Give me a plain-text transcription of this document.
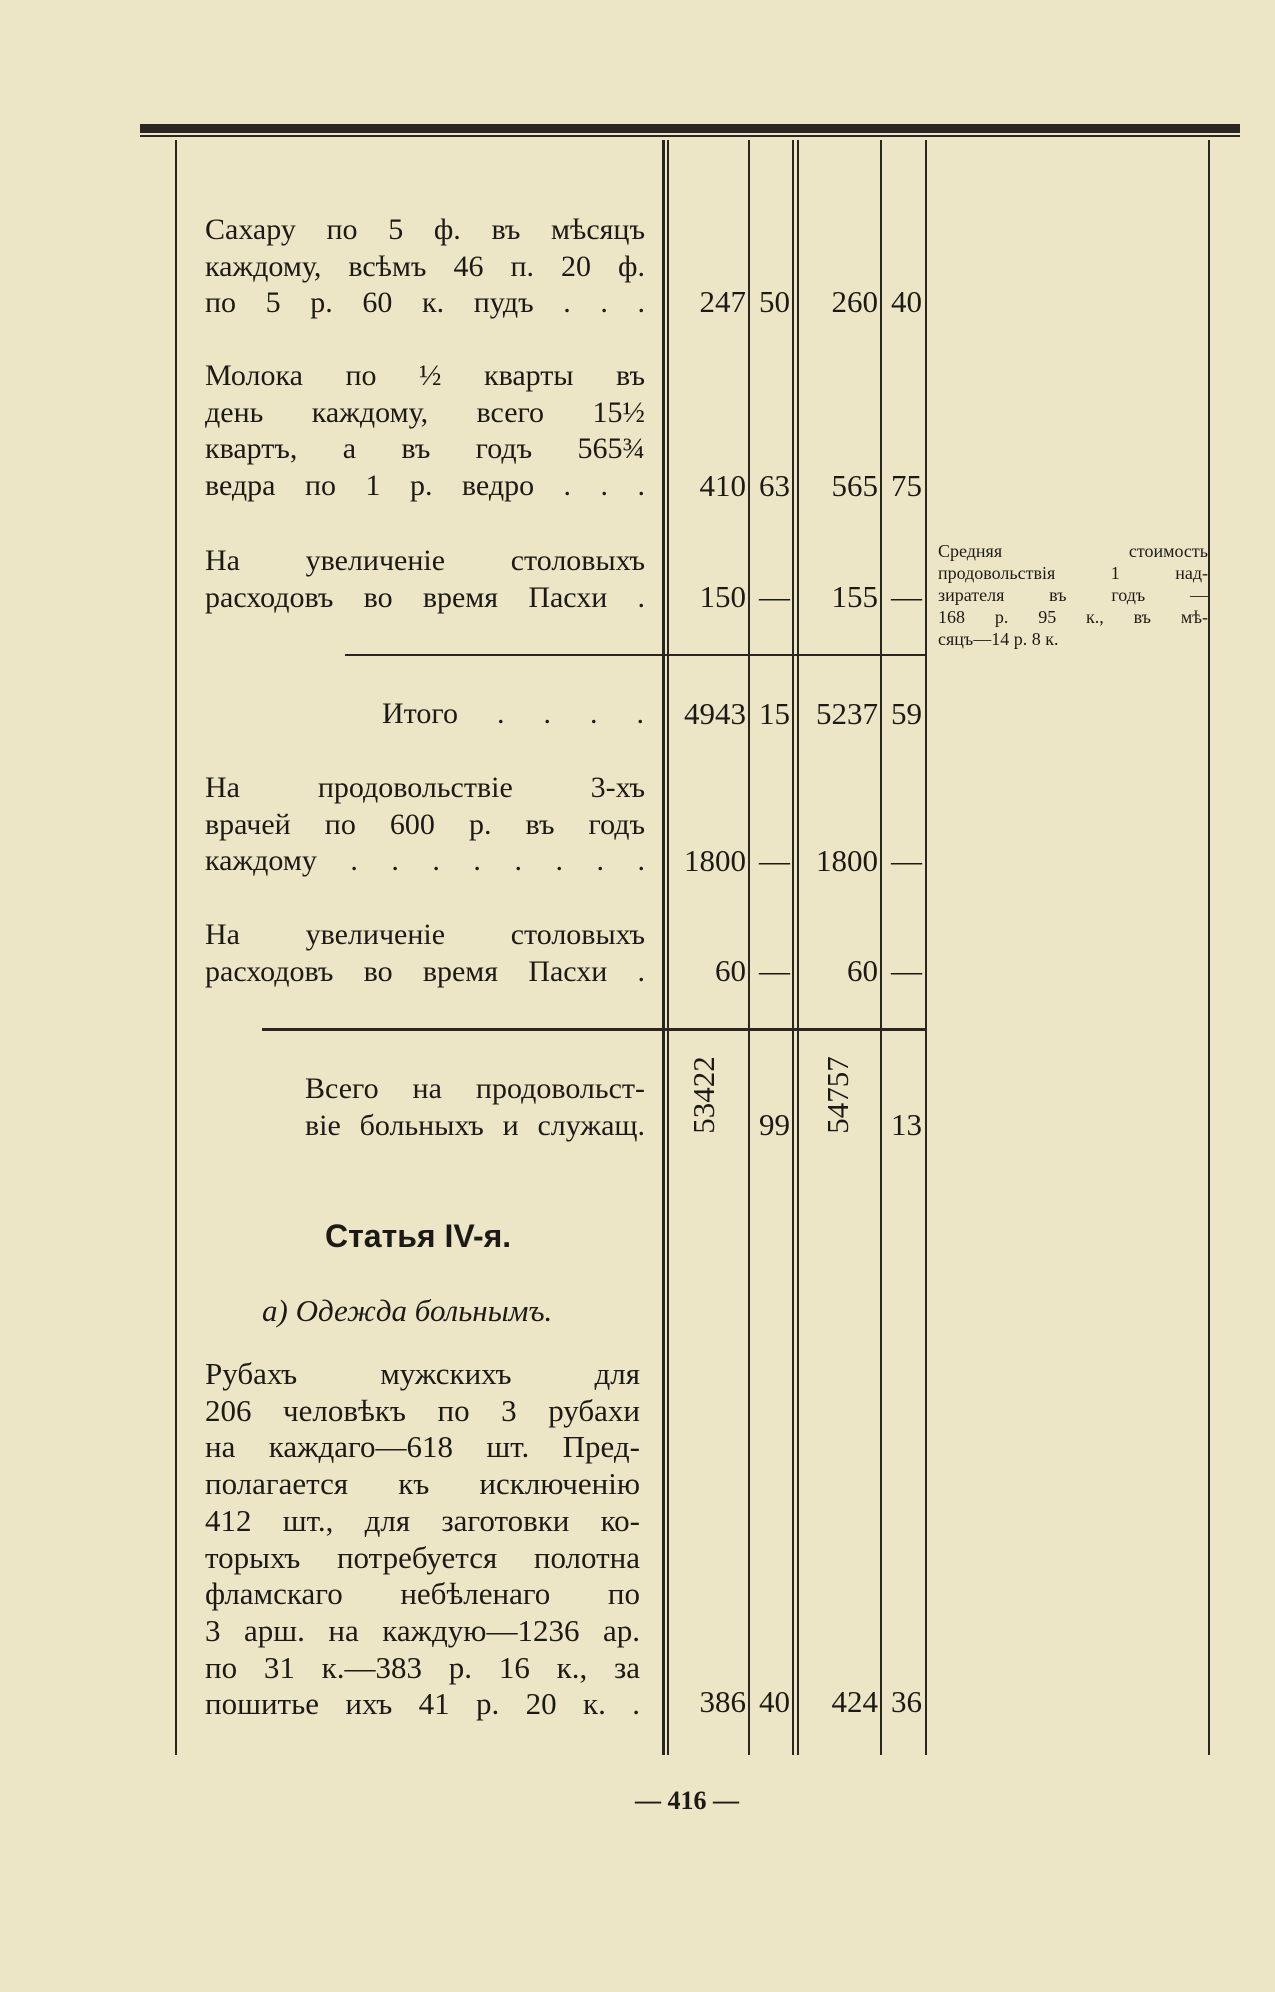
Сахару по 5 ф. въ мѣсяцъ
каждому, всѣмъ 46 п. 20 ф.
по 5 р. 60 к. пудъ . . .	247 50	260 40
Молока по ½ кварты въ
день каждому, всего 15½
квартъ, а въ годъ 565¾
ведра по 1 р. ведро . . .	410 63	565 75
На увеличеніе столовыхъ
расходовъ во время Пасхи .	150 —	155 —
Средняя стоимость
продовольствія 1 над-
зирателя въ годъ —
168 р. 95 к., въ мѣ-
сяцъ—14 р. 8 к.
Итого . . . .	4943 15 5237 59
На продовольствіе 3-хъ
врачей по 600 р. въ годъ
каждому . . . . . . . .	1800 — 1800 —
На увеличеніе столовыхъ
расходовъ во время Пасхи .	60 —	60 —
Всего на продовольст-
віе больныхъ и служащ. 53422 99 54757 13
Статья IV-я.
а) Одежда больнымъ.
Рубахъ мужскихъ для
206 человѣкъ по 3 рубахи
на каждаго—618 шт. Пред-
полагается къ исключенію
412 шт., для заготовки ко-
торыхъ потребуется полотна
фламскаго небѣленаго по
3 арш. на каждую—1236 ар.
по 31 к.—383 р. 16 к., за
пошитье ихъ 41 р. 20 к. .	386 40	424 36
— 416 —
